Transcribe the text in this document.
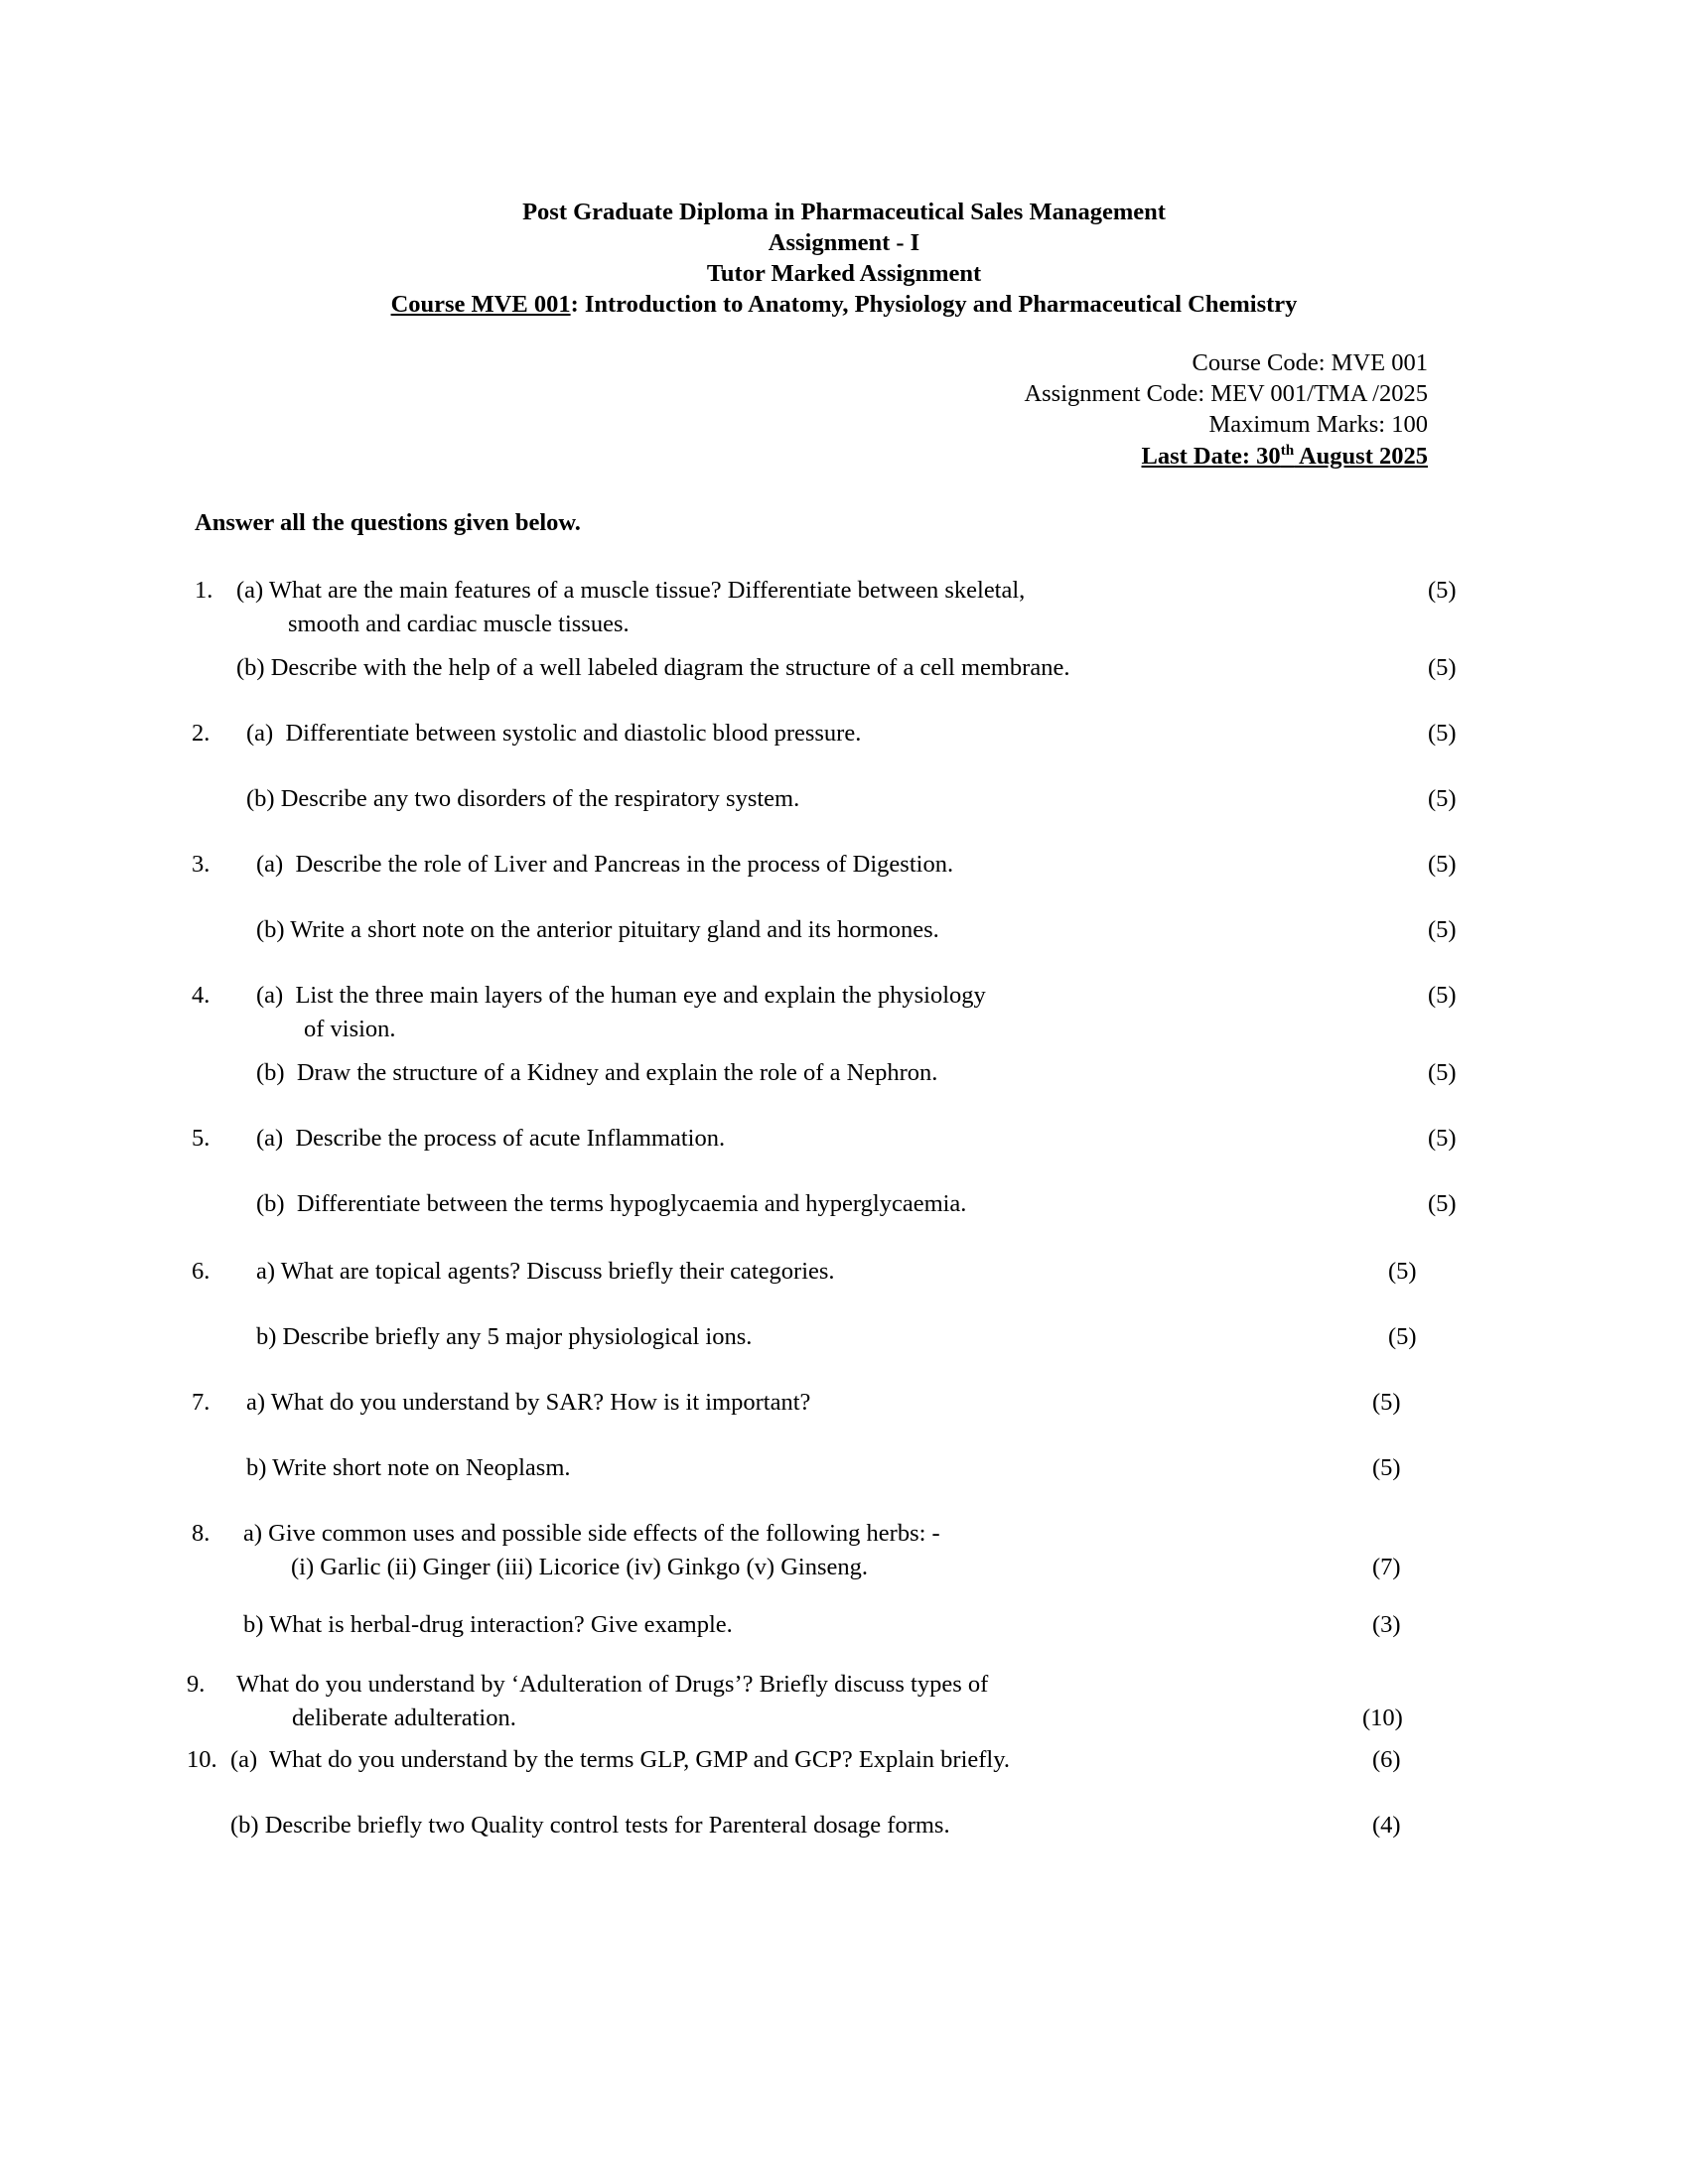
Post Graduate Diploma in Pharmaceutical Sales Management
Assignment - I
Tutor Marked Assignment
Course MVE 001: Introduction to Anatomy, Physiology and Pharmaceutical Chemistry
Course Code: MVE 001
Assignment Code: MEV 001/TMA /2025
Maximum Marks: 100
Last Date: 30th August 2025
Answer all the questions given below.
1. (a) What are the main features of a muscle tissue? Differentiate between skeletal,
smooth and cardiac muscle tissues.
(5)
(b) Describe with the help of a well labeled diagram the structure of a cell membrane.	(5)
2.	(a)  Differentiate between systolic and diastolic blood pressure.	(5)
(b) Describe any two disorders of the respiratory system.	(5)
3.	(a)  Describe the role of Liver and Pancreas in the process of Digestion.	(5)
(b) Write a short note on the anterior pituitary gland and its hormones.	(5)
4.	(a)  List the three main layers of the human eye and explain the physiology
of vision.
(5)
(b)  Draw the structure of a Kidney and explain the role of a Nephron.	(5)
5.	(a)  Describe the process of acute Inflammation.	(5)
(b)  Differentiate between the terms hypoglycaemia and hyperglycaemia.	(5)
6.	a) What are topical agents? Discuss briefly their categories.	(5)
b) Describe briefly any 5 major physiological ions.	(5)
7.	a) What do you understand by SAR? How is it important?	(5)
b) Write short note on Neoplasm.	(5)
8.	a) Give common uses and possible side effects of the following herbs: -
(i) Garlic (ii) Ginger (iii) Licorice (iv) Ginkgo (v) Ginseng.	(7)
b) What is herbal-drug interaction? Give example.	(3)
9.	What do you understand by ‘Adulteration of Drugs’? Briefly discuss types of
deliberate adulteration.	(10)
10. (a)  What do you understand by the terms GLP, GMP and GCP? Explain briefly.	(6)
(b) Describe briefly two Quality control tests for Parenteral dosage forms.	(4)
